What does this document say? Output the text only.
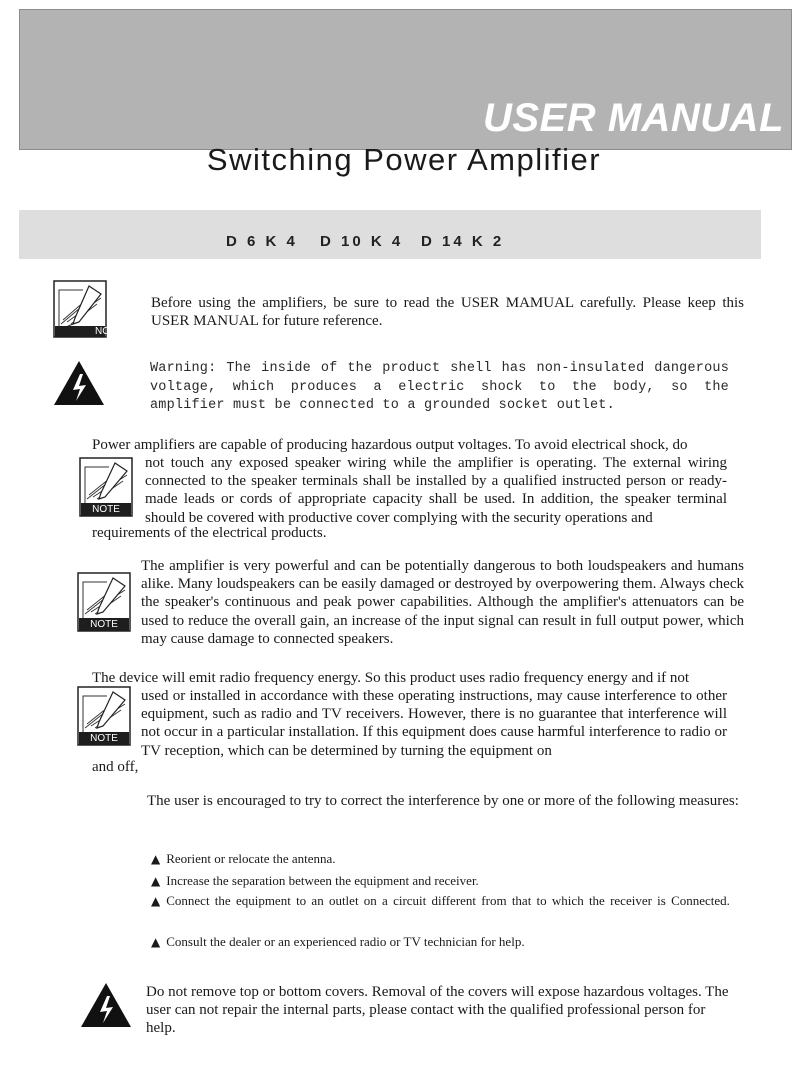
USER MANUAL
Switching Power Amplifier
D 6 K 4 D 10 K 4 D 14 K 2
NO
Before using the amplifiers, be sure to read the USER MAMUAL carefully. Please keep this USER MANUAL for future reference.
Warning: The inside of the product shell has non-insulated dangerous voltage, which produces a electric shock to the body, so the amplifier must be connected to a grounded socket outlet.
Power amplifiers are capable of producing hazardous output voltages. To avoid electrical shock, do
NOTE
not touch any exposed speaker wiring while the amplifier is operating. The external wiring connected to the speaker terminals shall be installed by a qualified instructed person or ready-made leads or cords of appropriate capacity shall be used. In addition, the speaker terminal should be covered with productive cover complying with the security operations and
requirements of the electrical products.
NOTE
The amplifier is very powerful and can be potentially dangerous to both loudspeakers and humans alike. Many loudspeakers can be easily damaged or destroyed by overpowering them. Always check the speaker's continuous and peak power capabilities. Although the amplifier's attenuators can be used to reduce the overall gain, an increase of the input signal can result in full output power, which may cause damage to connected speakers.
The device will emit radio frequency energy. So this product uses radio frequency energy and if not
NOTE
used or installed in accordance with these operating instructions, may cause interference to other equipment, such as radio and TV receivers. However, there is no guarantee that interference will not occur in a particular installation. If this equipment does cause harmful interference to radio or TV reception, which can be determined by turning the equipment on
and off,
The user is encouraged to try to correct the interference by one or more of the following measures:
▲ Reorient or relocate the antenna.
▲ Increase the separation between the equipment and receiver.
▲ Connect the equipment to an outlet on a circuit different from that to which the receiver is Connected.
▲ Consult the dealer or an experienced radio or TV technician for help.
Do not remove top or bottom covers. Removal of the covers will expose hazardous voltages. The user can not repair the internal parts, please contact with the qualified professional person for help.
